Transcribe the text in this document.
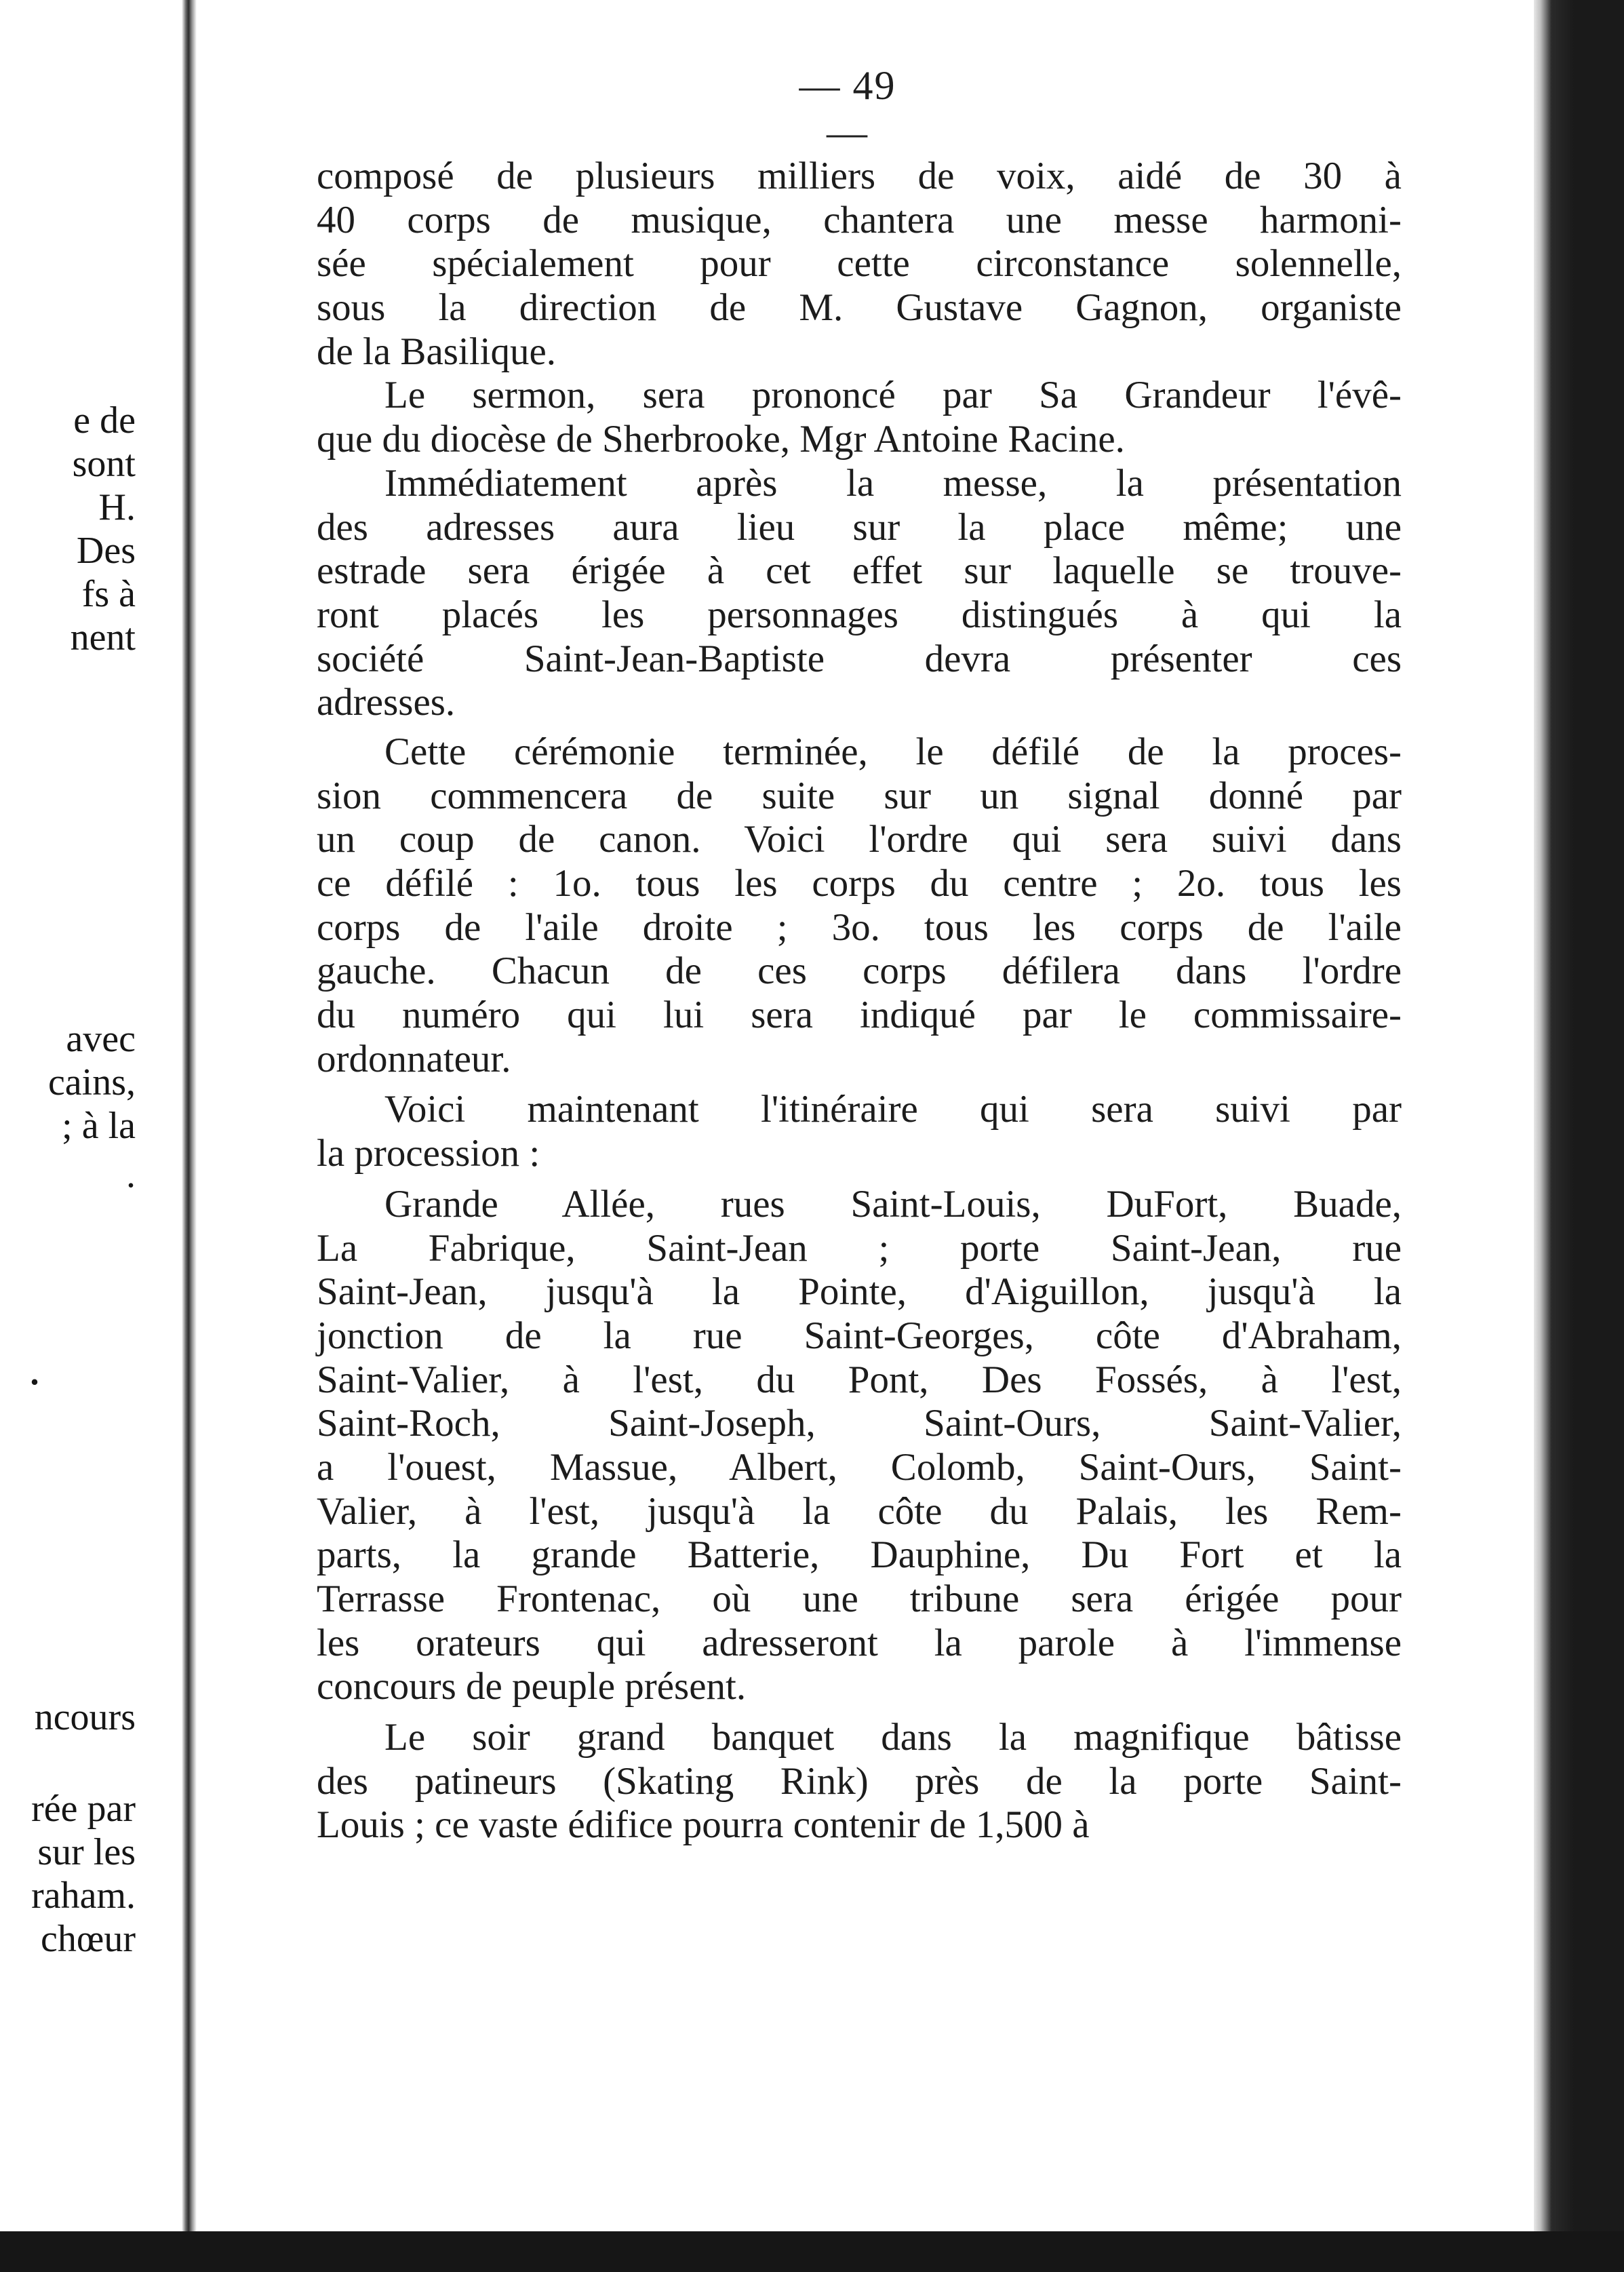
e de
sont
H.
Des
fs à
nent
avec
cains,
; à la
.
.
ncours
rée par
sur les
raham.
chœur
— 49 —
composé de plusieurs milliers de voix, aidé de 30 à
40 corps de musique, chantera une messe harmoni-
sée spécialement pour cette circonstance solennelle,
sous la direction de M. Gustave Gagnon, organiste
de la Basilique.
Le sermon, sera prononcé par Sa Grandeur l'évê-
que du diocèse de Sherbrooke, Mgr Antoine Racine.
Immédiatement après la messe, la présentation
des adresses aura lieu sur la place même; une
estrade sera érigée à cet effet sur laquelle se trouve-
ront placés les personnages distingués à qui la
société Saint-Jean-Baptiste devra présenter ces
adresses.
Cette cérémonie terminée, le défilé de la proces-
sion commencera de suite sur un signal donné par
un coup de canon. Voici l'ordre qui sera suivi dans
ce défilé : 1o. tous les corps du centre ; 2o. tous les
corps de l'aile droite ; 3o. tous les corps de l'aile
gauche. Chacun de ces corps défilera dans l'ordre
du numéro qui lui sera indiqué par le commissaire-
ordonnateur.
Voici maintenant l'itinéraire qui sera suivi par
la procession :
Grande Allée, rues Saint-Louis, DuFort, Buade,
La Fabrique, Saint-Jean ; porte Saint-Jean, rue
Saint-Jean, jusqu'à la Pointe, d'Aiguillon, jusqu'à la
jonction de la rue Saint-Georges, côte d'Abraham,
Saint-Valier, à l'est, du Pont, Des Fossés, à l'est,
Saint-Roch, Saint-Joseph, Saint-Ours, Saint-Valier,
a l'ouest, Massue, Albert, Colomb, Saint-Ours, Saint-
Valier, à l'est, jusqu'à la côte du Palais, les Rem-
parts, la grande Batterie, Dauphine, Du Fort et la
Terrasse Frontenac, où une tribune sera érigée pour
les orateurs qui adresseront la parole à l'immense
concours de peuple présent.
Le soir grand banquet dans la magnifique bâtisse
des patineurs (Skating Rink) près de la porte Saint-
Louis ; ce vaste édifice pourra contenir de 1,500 à
